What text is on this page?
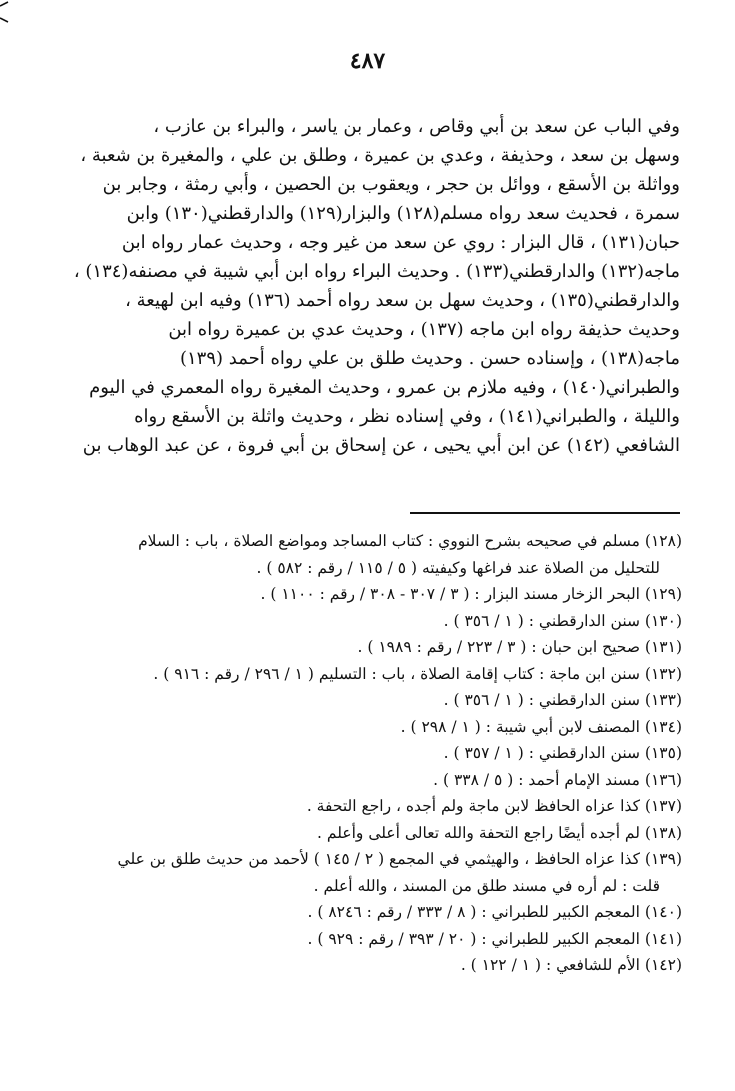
٤٨٧
وفي الباب عن سعد بن أبي وقاص ، وعمار بن ياسر ، والبراء بن عازب ،
وسهل بن سعد ، وحذيفة ، وعدي بن عميرة ، وطلق بن علي ، والمغيرة بن شعبة ،
وواثلة بن الأسقع ، ووائل بن حجر ، ويعقوب بن الحصين ، وأبي رمثة ، وجابر بن
سمرة ، فحديث سعد رواه مسلم(١٢٨) والبزار(١٢٩) والدارقطني(١٣٠) وابن
حبان(١٣١) ، قال البزار : روي عن سعد من غير وجه ، وحديث عمار رواه ابن
ماجه(١٣٢) والدارقطني(١٣٣) . وحديث البراء رواه ابن أبي شيبة في مصنفه(١٣٤) ،
والدارقطني(١٣٥) ، وحديث سهل بن سعد رواه أحمد (١٣٦) وفيه ابن لهيعة ،
وحديث حذيفة رواه ابن ماجه (١٣٧) ، وحديث عدي بن عميرة رواه ابن
ماجه(١٣٨) ، وإسناده حسن . وحديث طلق بن علي رواه أحمد (١٣٩)
والطبراني(١٤٠) ، وفيه ملازم بن عمرو ، وحديث المغيرة رواه المعمري في اليوم
والليلة ، والطبراني(١٤١) ، وفي إسناده نظر ، وحديث واثلة بن الأسقع رواه
الشافعي (١٤٢) عن ابن أبي يحيى ، عن إسحاق بن أبي فروة ، عن عبد الوهاب بن
(١٢٨) مسلم في صحيحه بشرح النووي : كتاب المساجد ومواضع الصلاة ، باب : السلام
للتحليل من الصلاة عند فراغها وكيفيته ( ٥ / ١١٥ / رقم : ٥٨٢ ) .
(١٢٩) البحر الزخار مسند البزار : ( ٣ / ٣٠٧ - ٣٠٨ / رقم : ١١٠٠ ) .
(١٣٠) سنن الدارقطني : ( ١ / ٣٥٦ ) .
(١٣١) صحيح ابن حبان : ( ٣ / ٢٢٣ / رقم : ١٩٨٩ ) .
(١٣٢) سنن ابن ماجة : كتاب إقامة الصلاة ، باب : التسليم ( ١ / ٢٩٦ / رقم : ٩١٦ ) .
(١٣٣) سنن الدارقطني : ( ١ / ٣٥٦ ) .
(١٣٤) المصنف لابن أبي شيبة : ( ١ / ٢٩٨ ) .
(١٣٥) سنن الدارقطني : ( ١ / ٣٥٧ ) .
(١٣٦) مسند الإمام أحمد : ( ٥ / ٣٣٨ ) .
(١٣٧) كذا عزاه الحافظ لابن ماجة ولم أجده ، راجع التحفة .
(١٣٨) لم أجده أيضًا راجع التحفة والله تعالى أعلى وأعلم .
(١٣٩) كذا عزاه الحافظ ، والهيثمي في المجمع ( ٢ / ١٤٥ ) لأحمد من حديث طلق بن علي
قلت : لم أره في مسند طلق من المسند ، والله أعلم .
(١٤٠) المعجم الكبير للطبراني : ( ٨ / ٣٣٣ / رقم : ٨٢٤٦ ) .
(١٤١) المعجم الكبير للطبراني : ( ٢٠ / ٣٩٣ / رقم : ٩٢٩ ) .
(١٤٢) الأم للشافعي : ( ١ / ١٢٢ ) .
